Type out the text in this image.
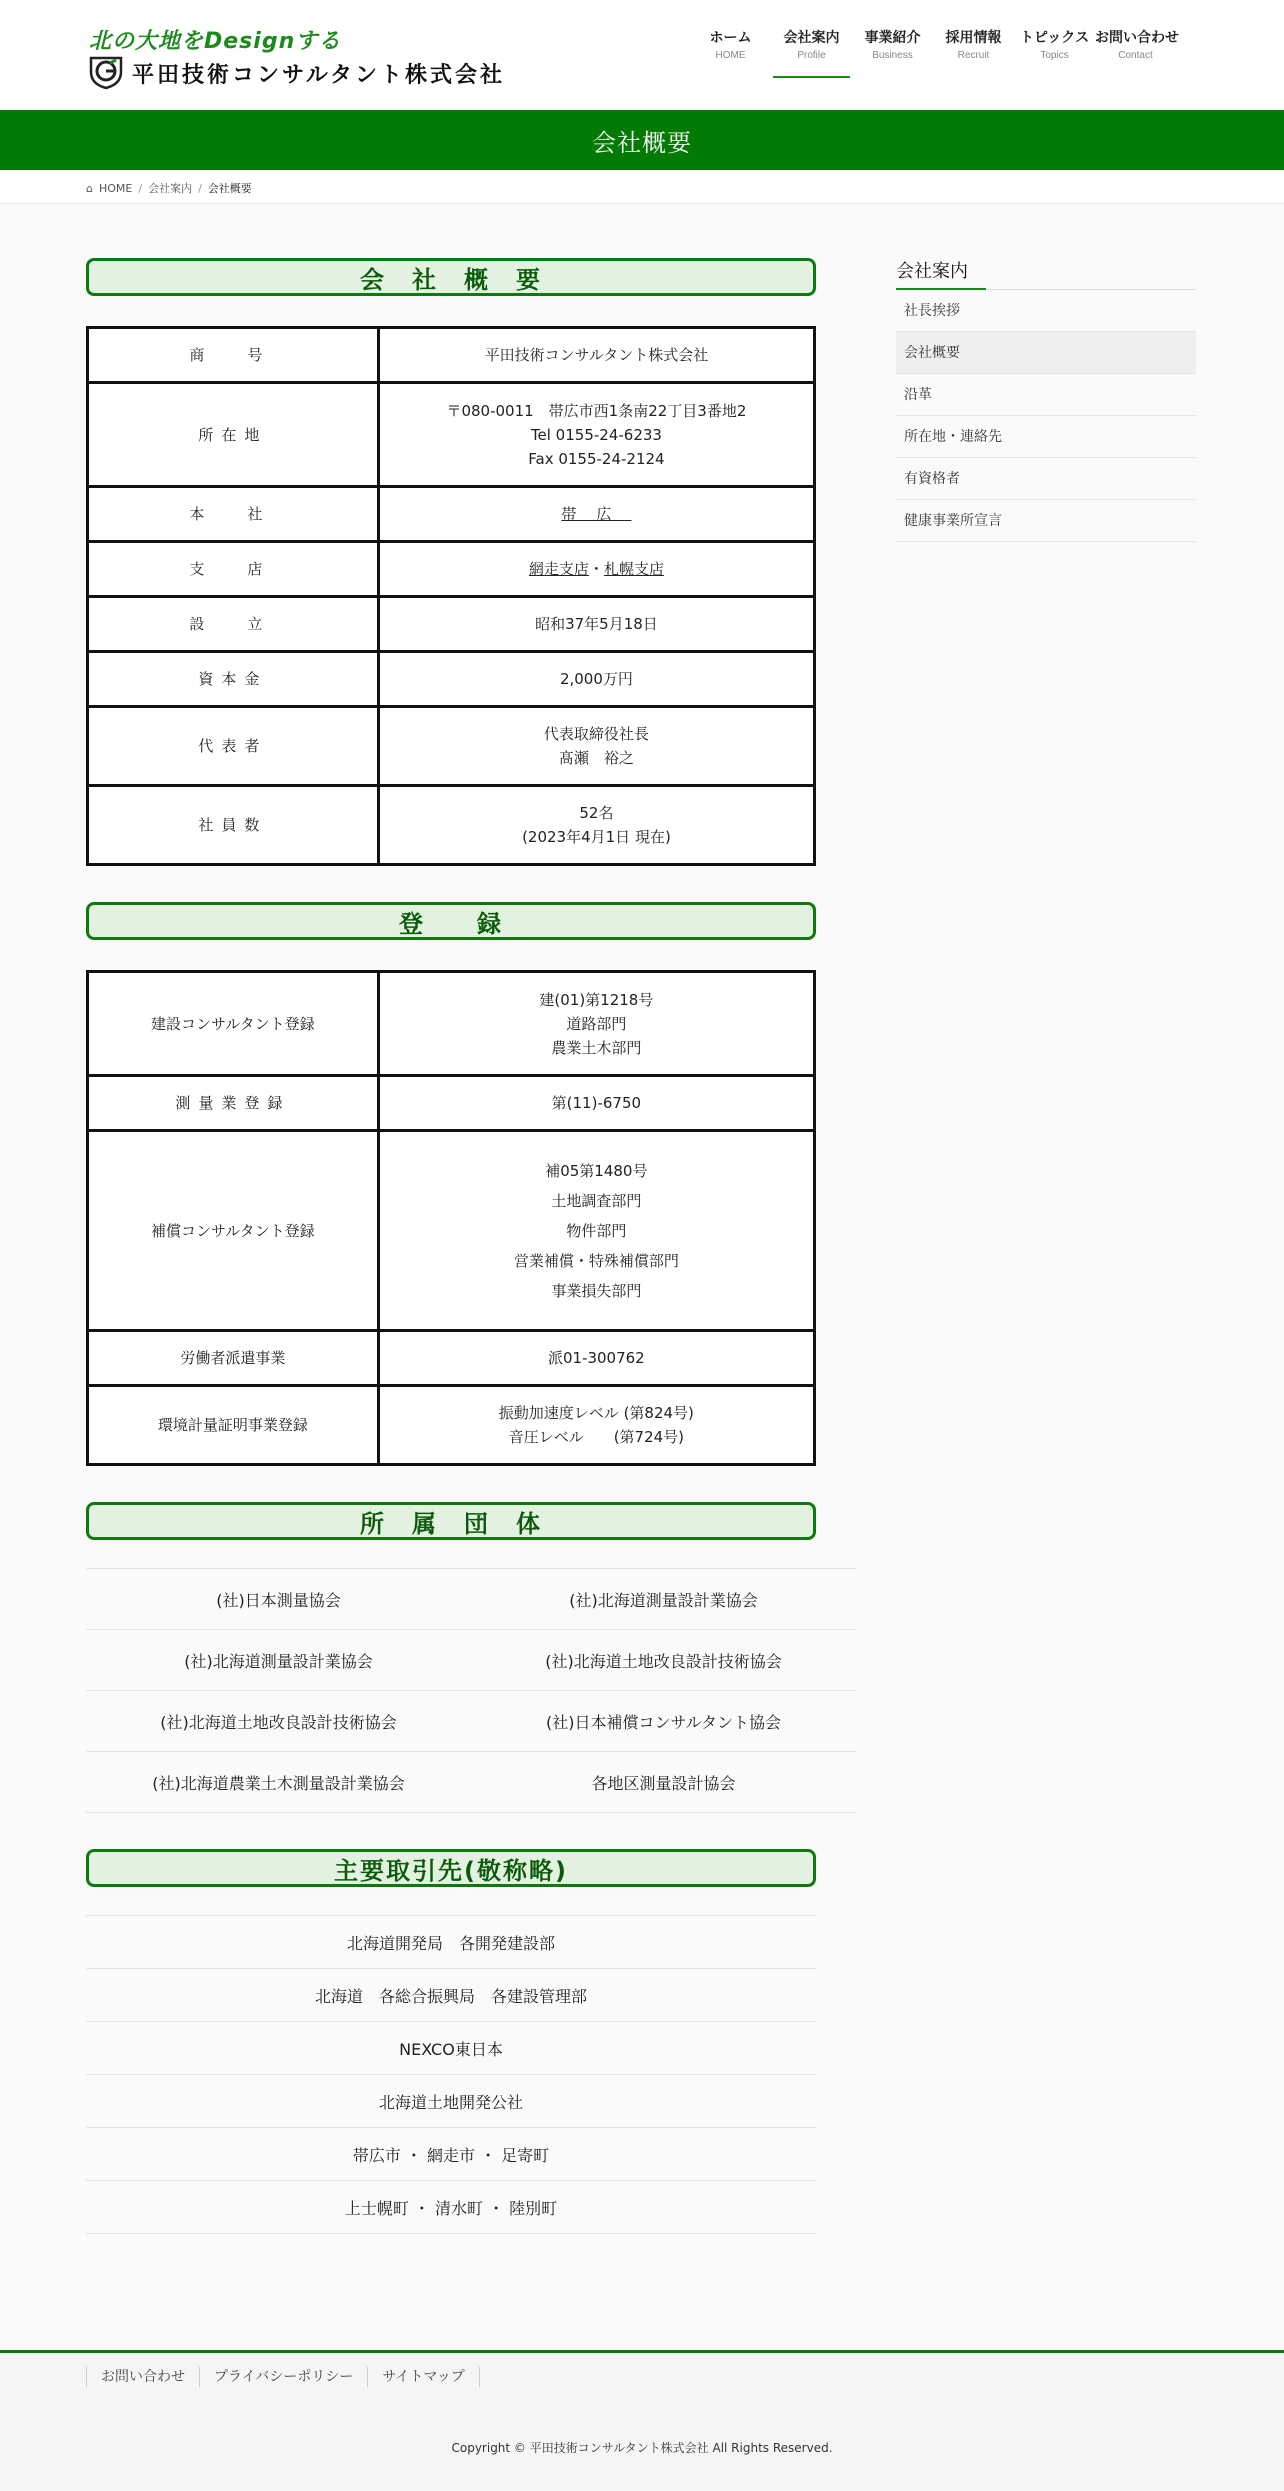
北の大地をDesignする
平田技術コンサルタント株式会社
ホーム
HOME
会社案内
Profile
事業紹介
Business
採用情報
Recruit
トピックス
Topics
お問い合わせ
Contact
会社概要
⌂ HOME / 会社案内 / 会社概要
会　社　概　要
商　号	平田技術コンサルタント株式会社
所在地	〒080-0011　帯広市西1条南22丁目3番地2
Tel 0155-24-6233
Fax 0155-24-2124

本　社	帯広
支　店	網走支店・札幌支店
設　立	昭和37年5月18日
資本金	2,000万円
代表者	代表取締役社長
髙瀬　裕之

社員数	52名
(2023年4月1日 現在)
登　　録
建設コンサルタント登録	建(01)第1218号
道路部門
農業土木部門

測量業登録	第(11)-6750
補償コンサルタント登録	補05第1480号
土地調査部門
物件部門
営業補償・特殊補償部門
事業損失部門

労働者派遣事業	派01-300762
環境計量証明事業登録	振動加速度レベル (第824号)
音圧レベル　　(第724号)
所　属　団　体
(社)日本測量協会	(社)北海道測量設計業協会
(社)北海道測量設計業協会	(社)北海道土地改良設計技術協会
(社)北海道土地改良設計技術協会	(社)日本補償コンサルタント協会
(社)北海道農業土木測量設計業協会	各地区測量設計協会
主要取引先(敬称略)
北海道開発局　各開発建設部
北海道　各総合振興局　各建設管理部
NEXCO東日本
北海道土地開発公社
帯広市 ・ 網走市 ・ 足寄町
上士幌町 ・ 清水町 ・ 陸別町
会社案内
社長挨拶
会社概要
沿革
所在地・連絡先
有資格者
健康事業所宣言
お問い合わせ	プライバシーポリシー	サイトマップ
Copyright © 平田技術コンサルタント株式会社 All Rights Reserved.
